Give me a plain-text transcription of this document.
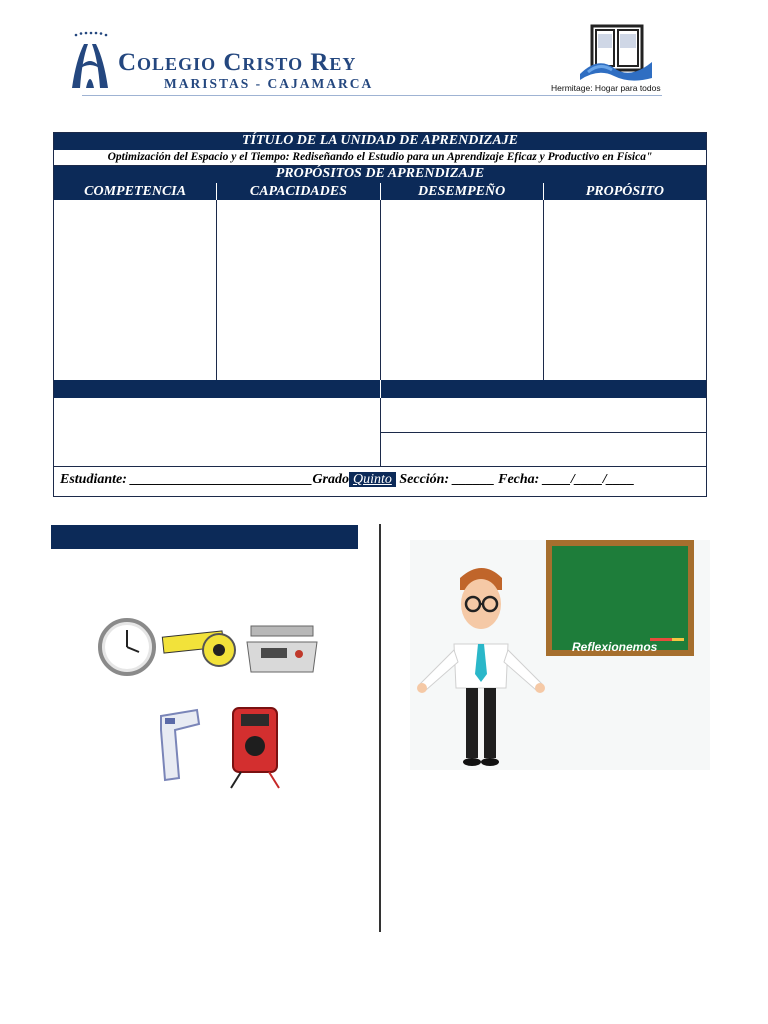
Colegio Cristo Rey
MARISTAS - CAJAMARCA	Hermitage: Hogar para todos
TÍTULO DE LA UNIDAD DE APRENDIZAJE
Optimización del Espacio y el Tiempo: Rediseñando el Estudio para un Aprendizaje Eficaz y Productivo en Física"
PROPÓSITOS DE APRENDIZAJE
COMPETENCIA	CAPACIDADES	DESEMPEÑO	PROPÓSITO
Estudiante: __________________________Grado Quinto Sección: ______ Fecha: ____/____/____
Reflexionemos
